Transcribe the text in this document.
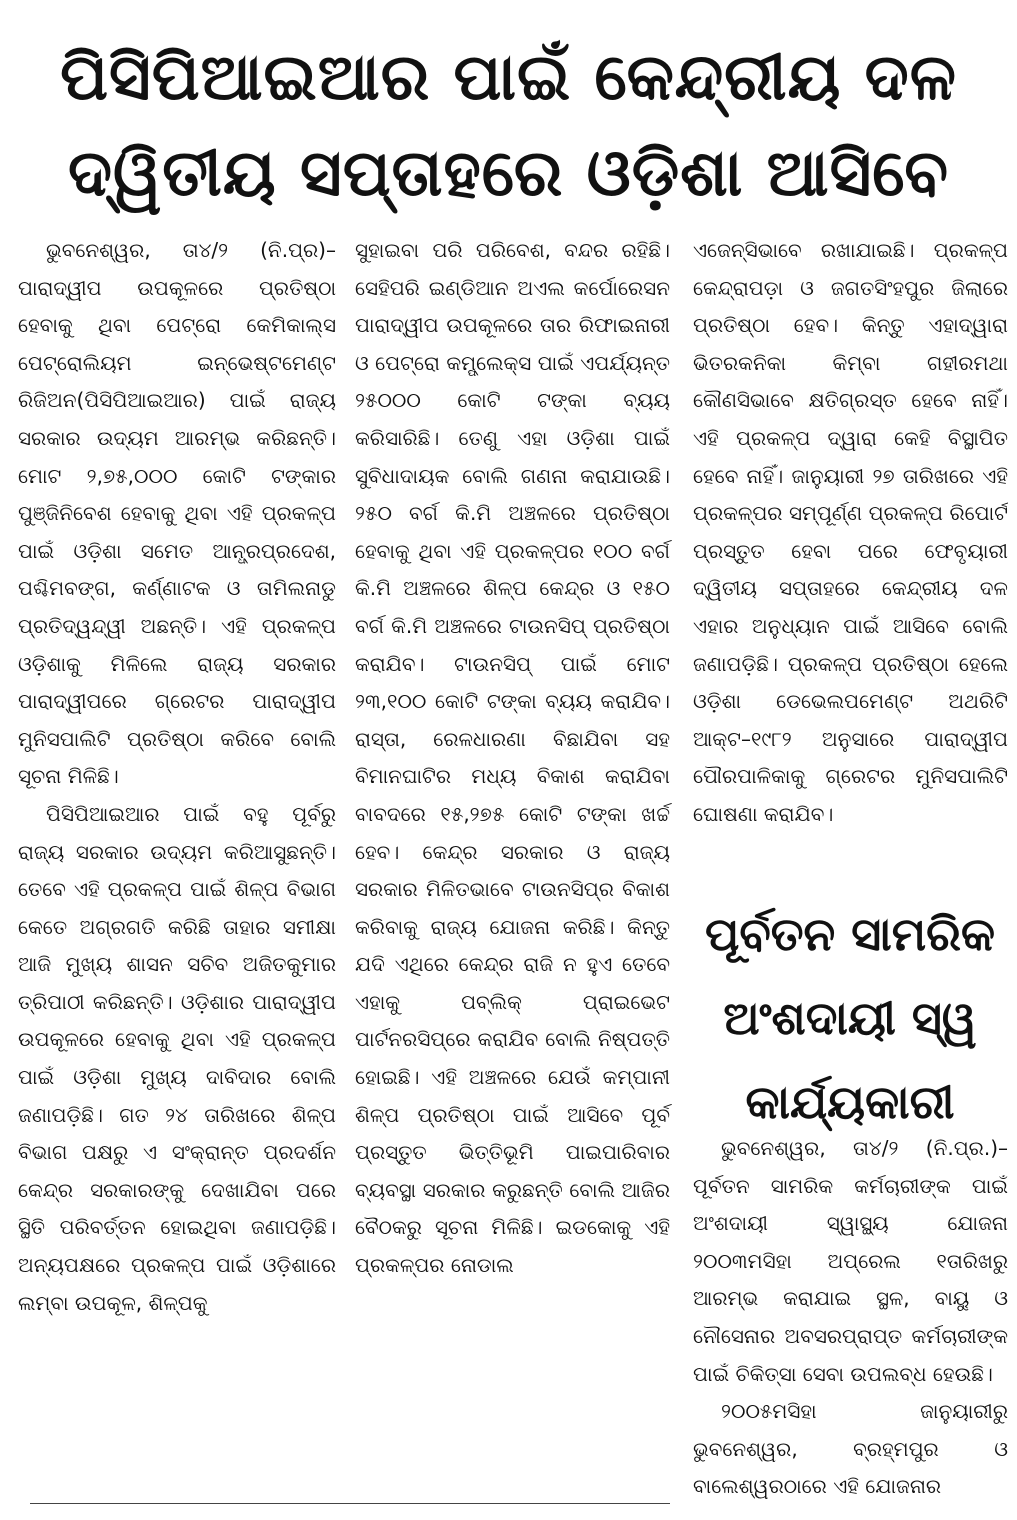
ପିସିପିଆଇଆର ପାଇଁ କେନ୍ଦ୍ରୀୟ ଦଳ
ଦ୍ୱିତୀୟ ସପ୍ତାହରେ ଓଡ଼ିଶା ଆସିବେ

ଭୁବନେଶ୍ୱର, ତା୪/୨ (ନି.ପ୍ର)– ପାରାଦ୍ୱୀପ ଉପକୂଳରେ ପ୍ରତିଷ୍ଠା ହେବାକୁ ଥିବା ପେଟ୍ରୋ କେମିକାଲ୍ସ ପେଟ୍ରୋଲିୟମ ଇନ୍ଭେଷ୍ଟମେଣ୍ଟ ରିଜିଅନ(ପିସିପିଆଇଆର) ପାଇଁ ରାଜ୍ୟ ସରକାର ଉଦ୍ୟମ ଆରମ୍ଭ କରିଛନ୍ତି। ମୋଟ ୨,୭୫,୦୦୦ କୋଟି ଟଙ୍କାର ପୁଞ୍ଜିନିବେଶ ହେବାକୁ ଥିବା ଏହି ପ୍ରକଳ୍ପ ପାଇଁ ଓଡ଼ିଶା ସମେତ ଆନ୍ଧ୍ରପ୍ରଦେଶ, ପଶ୍ଚିମବଙ୍ଗ, କର୍ଣ୍ଣାଟକ ଓ ତାମିଲନାଡୁ ପ୍ରତିଦ୍ୱନ୍ଦ୍ୱୀ ଅଛନ୍ତି। ଏହି ପ୍ରକଳ୍ପ ଓଡ଼ିଶାକୁ ମିଳିଲେ ରାଜ୍ୟ ସରକାର ପାରାଦ୍ୱୀପରେ ଗ୍ରେଟର ପାରାଦ୍ୱୀପ ମୁନିସପାଲିଟି ପ୍ରତିଷ୍ଠା କରିବେ ବୋଲି ସୂଚନା ମିଳିଛି।

ପିସିପିଆଇଆର ପାଇଁ ବହୁ ପୂର୍ବରୁ ରାଜ୍ୟ ସରକାର ଉଦ୍ୟମ କରିଆସୁଛନ୍ତି। ତେବେ ଏହି ପ୍ରକଳ୍ପ ପାଇଁ ଶିଳ୍ପ ବିଭାଗ କେତେ ଅଗ୍ରଗତି କରିଛି ତାହାର ସମୀକ୍ଷା ଆଜି ମୁଖ୍ୟ ଶାସନ ସଚିବ ଅଜିତକୁମାର ତ୍ରିପାଠୀ କରିଛନ୍ତି। ଓଡ଼ିଶାର ପାରାଦ୍ୱୀପ ଉପକୂଳରେ ହେବାକୁ ଥିବା ଏହି ପ୍ରକଳ୍ପ ପାଇଁ ଓଡ଼ିଶା ମୁଖ୍ୟ ଦାବିଦାର ବୋଲି ଜଣାପଡ଼ିଛି। ଗତ ୨୪ ତାରିଖରେ ଶିଳ୍ପ ବିଭାଗ ପକ୍ଷରୁ ଏ ସଂକ୍ରାନ୍ତ ପ୍ରଦର୍ଶନ କେନ୍ଦ୍ର ସରକାରଙ୍କୁ ଦେଖାଯିବା ପରେ ସ୍ଥିତି ପରିବର୍ତ୍ତନ ହୋଇଥିବା ଜଣାପଡ଼ିଛି। ଅନ୍ୟପକ୍ଷରେ ପ୍ରକଳ୍ପ ପାଇଁ ଓଡ଼ିଶାରେ ଲମ୍ବା ଉପକୂଳ, ଶିଳ୍ପକୁ

ସୁହାଇବା ପରି ପରିବେଶ, ବନ୍ଦର ରହିଛି। ସେହିପରି ଇଣ୍ଡିଆନ ଅଏଲ କର୍ପୋରେସନ ପାରାଦ୍ୱୀପ ଉପକୂଳରେ ତାର ରିଫାଇନାରୀ ଓ ପେଟ୍ରୋ କମ୍ପ୍ଲେକ୍ସ ପାଇଁ ଏପର୍ଯ୍ୟନ୍ତ ୨୫୦୦୦ କୋଟି ଟଙ୍କା ବ୍ୟୟ କରିସାରିଛି। ତେଣୁ ଏହା ଓଡ଼ିଶା ପାଇଁ ସୁବିଧାଦାୟକ ବୋଲି ଗଣନା କରାଯାଉଛି। ୨୫୦ ବର୍ଗ କି.ମି ଅଞ୍ଚଳରେ ପ୍ରତିଷ୍ଠା ହେବାକୁ ଥିବା ଏହି ପ୍ରକଳ୍ପର ୧୦୦ ବର୍ଗ କି.ମି ଅଞ୍ଚଳରେ ଶିଳ୍ପ କେନ୍ଦ୍ର ଓ ୧୫୦ ବର୍ଗ କି.ମି ଅଞ୍ଚଳରେ ଟାଉନସିପ୍ ପ୍ରତିଷ୍ଠା କରାଯିବ। ଟାଉନସିପ୍ ପାଇଁ ମୋଟ ୨୩,୧୦୦ କୋଟି ଟଙ୍କା ବ୍ୟୟ କରାଯିବ। ରାସ୍ତା, ରେଳଧାରଣା ବିଛାଯିବା ସହ ବିମାନଘାଟିର ମଧ୍ୟ ବିକାଶ କରାଯିବା ବାବଦରେ ୧୫,୨୭୫ କୋଟି ଟଙ୍କା ଖର୍ଚ୍ଚ ହେବ। କେନ୍ଦ୍ର ସରକାର ଓ ରାଜ୍ୟ ସରକାର ମିଳିତଭାବେ ଟାଉନସିପ୍ର ବିକାଶ କରିବାକୁ ରାଜ୍ୟ ଯୋଜନା କରିଛି। କିନ୍ତୁ ଯଦି ଏଥିରେ କେନ୍ଦ୍ର ରାଜି ନ ହୁଏ ତେବେ ଏହାକୁ ପବ୍ଲିକ୍ ପ୍ରାଇଭେଟ ପାର୍ଟନରସିପ୍ରେ କରାଯିବ ବୋଲି ନିଷ୍ପତ୍ତି ହୋଇଛି। ଏହି ଅଞ୍ଚଳରେ ଯେଉଁ କମ୍ପାନୀ ଶିଳ୍ପ ପ୍ରତିଷ୍ଠା ପାଇଁ ଆସିବେ ପୂର୍ବ ପ୍ରସ୍ତୁତ ଭିତ୍ତିଭୂମି ପାଇପାରିବାର ବ୍ୟବସ୍ଥା ସରକାର କରୁଛନ୍ତି ବୋଲି ଆଜିର ବୈଠକରୁ ସୂଚନା ମିଳିଛି। ଇଡକୋକୁ ଏହି ପ୍ରକଳ୍ପର ନୋଡାଲ

ଏଜେନ୍ସିଭାବେ ରଖାଯାଇଛି। ପ୍ରକଳ୍ପ କେନ୍ଦ୍ରାପଡ଼ା ଓ ଜଗତସିଂହପୁର ଜିଲାରେ ପ୍ରତିଷ୍ଠା ହେବ। କିନ୍ତୁ ଏହାଦ୍ୱାରା ଭିତରକନିକା କିମ୍ବା ଗହୀରମଥା କୌଣସିଭାବେ କ୍ଷତିଗ୍ରସ୍ତ ହେବେ ନାହିଁ। ଏହି ପ୍ରକଳ୍ପ ଦ୍ୱାରା କେହି ବିସ୍ଥାପିତ ହେବେ ନାହିଁ। ଜାନୁୟାରୀ ୨୭ ତାରିଖରେ ଏହି ପ୍ରକଳ୍ପର ସମ୍ପୂର୍ଣ୍ଣ ପ୍ରକଳ୍ପ ରିପୋର୍ଟ ପ୍ରସ୍ତୁତ ହେବା ପରେ ଫେବୃୟାରୀ ଦ୍ୱିତୀୟ ସପ୍ତାହରେ କେନ୍ଦ୍ରୀୟ ଦଳ ଏହାର ଅନୁଧ୍ୟାନ ପାଇଁ ଆସିବେ ବୋଲି ଜଣାପଡ଼ିଛି। ପ୍ରକଳ୍ପ ପ୍ରତିଷ୍ଠା ହେଲେ ଓଡ଼ିଶା ଡେଭେଲପମେଣ୍ଟ ଅଥରିଟି ଆକ୍ଟ–୧୯୮୨ ଅନୁସାରେ ପାରାଦ୍ୱୀପ ପୌରପାଳିକାକୁ ଗ୍ରେଟର ମୁନିସପାଲିଟି ଘୋଷଣା କରାଯିବ।

ପୂର୍ବତନ ସାମରିକ
ଅଂଶଦାୟୀ ସ୍ୱ
କାର୍ଯ୍ୟକାରୀ

ଭୁବନେଶ୍ୱର, ତା୪/୨ (ନି.ପ୍ର.)– ପୂର୍ବତନ ସାମରିକ କର୍ମଚାରୀଙ୍କ ପାଇଁ ଅଂଶଦାୟୀ ସ୍ୱାସ୍ଥ୍ୟ ଯୋଜନା ୨୦୦୩ମସିହା ଅପ୍ରେଲ ୧ତାରିଖରୁ ଆରମ୍ଭ କରାଯାଇ ସ୍ଥଳ, ବାୟୁ ଓ ନୌସେନାର ଅବସରପ୍ରାପ୍ତ କର୍ମଚାରୀଙ୍କ ପାଇଁ ଚିକିତ୍ସା ସେବା ଉପଲବ୍ଧ ହେଉଛି।

୨୦୦୫ମସିହା ଜାନୁୟାରୀରୁ ଭୁବନେଶ୍ୱର, ବ୍ରହ୍ମପୁର ଓ ବାଲେଶ୍ୱରଠାରେ ଏହି ଯୋଜନାର
